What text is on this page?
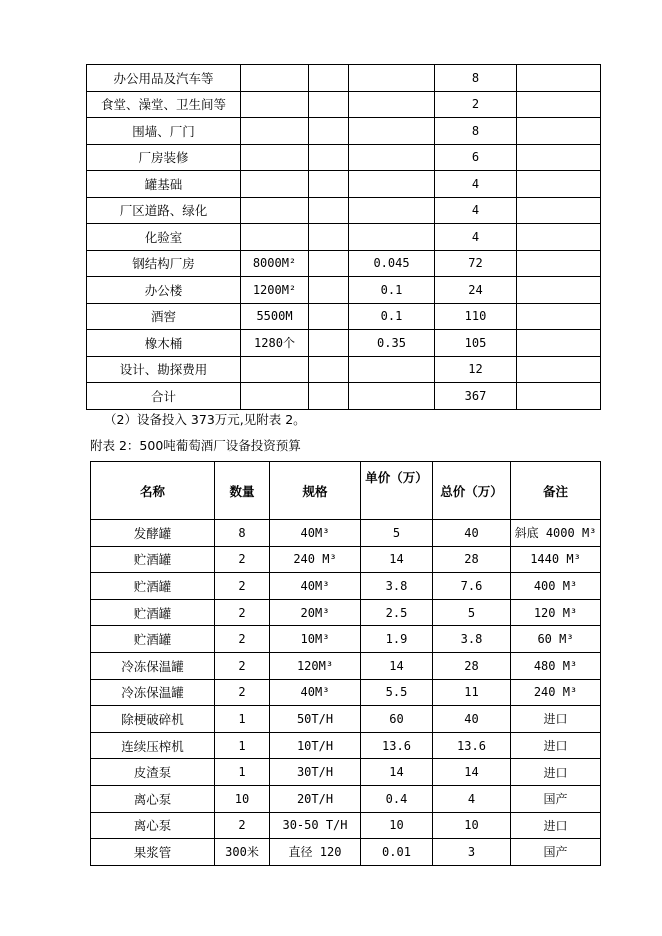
办公用品及汽车等				8	
食堂、澡堂、卫生间等				2	
围墙、厂门				8	
厂房装修				6	
罐基础				4	
厂区道路、绿化				4	
化验室				4	
钢结构厂房	8000M²		0.045	72	
办公楼	1200M²		0.1	24	
酒窖	5500M		0.1	110	
橡木桶	1280个		0.35	105	
设计、勘探费用				12	
合计				367	
（2）设备投入 373万元,见附表 2。
附表 2：500吨葡萄酒厂设备投资预算
名称	数量	规格	单价（万）	总价（万）	备注
发酵罐	8	40M³	5	40	斜底 4000 M³
贮酒罐	2	240 M³	14	28	1440 M³
贮酒罐	2	40M³	3.8	7.6	400 M³
贮酒罐	2	20M³	2.5	5	120 M³
贮酒罐	2	10M³	1.9	3.8	60 M³
冷冻保温罐	2	120M³	14	28	480 M³
冷冻保温罐	2	40M³	5.5	11	240 M³
除梗破碎机	1	50T/H	60	40	进口
连续压榨机	1	10T/H	13.6	13.6	进口
皮渣泵	1	30T/H	14	14	进口
离心泵	10	20T/H	0.4	4	国产
离心泵	2	30-50 T/H	10	10	进口
果浆管	300米	直径 120	0.01	3	国产
